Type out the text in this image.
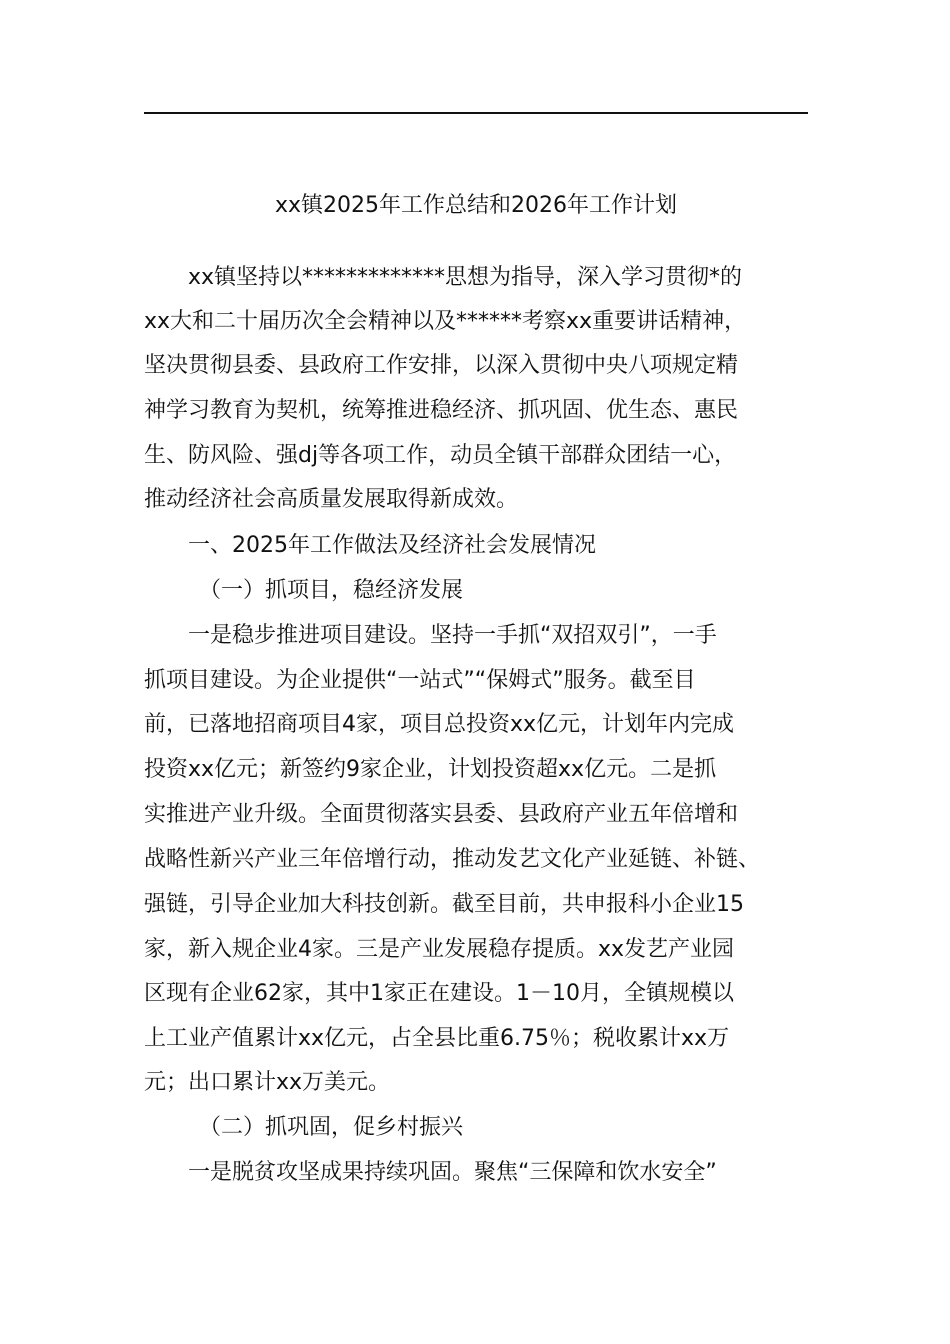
xx镇2025年工作总结和2026年工作计划
xx镇坚持以*************思想为指导，深入学习贯彻*的
xx大和二十届历次全会精神以及******考察xx重要讲话精神，
坚决贯彻县委、县政府工作安排，以深入贯彻中央八项规定精
神学习教育为契机，统筹推进稳经济、抓巩固、优生态、惠民
生、防风险、强dj等各项工作，动员全镇干部群众团结一心，
推动经济社会高质量发展取得新成效。
一、2025年工作做法及经济社会发展情况
（一）抓项目，稳经济发展
一是稳步推进项目建设。坚持一手抓“双招双引”，一手
抓项目建设。为企业提供“一站式”“保姆式”服务。截至目
前，已落地招商项目4家，项目总投资xx亿元，计划年内完成
投资xx亿元；新签约9家企业，计划投资超xx亿元。二是抓
实推进产业升级。全面贯彻落实县委、县政府产业五年倍增和
战略性新兴产业三年倍增行动，推动发艺文化产业延链、补链、
强链，引导企业加大科技创新。截至目前，共申报科小企业15
家，新入规企业4家。三是产业发展稳存提质。xx发艺产业园
区现有企业62家，其中1家正在建设。1－10月，全镇规模以
上工业产值累计xx亿元，占全县比重6.75％；税收累计xx万
元；出口累计xx万美元。
（二）抓巩固，促乡村振兴
一是脱贫攻坚成果持续巩固。聚焦“三保障和饮水安全”
